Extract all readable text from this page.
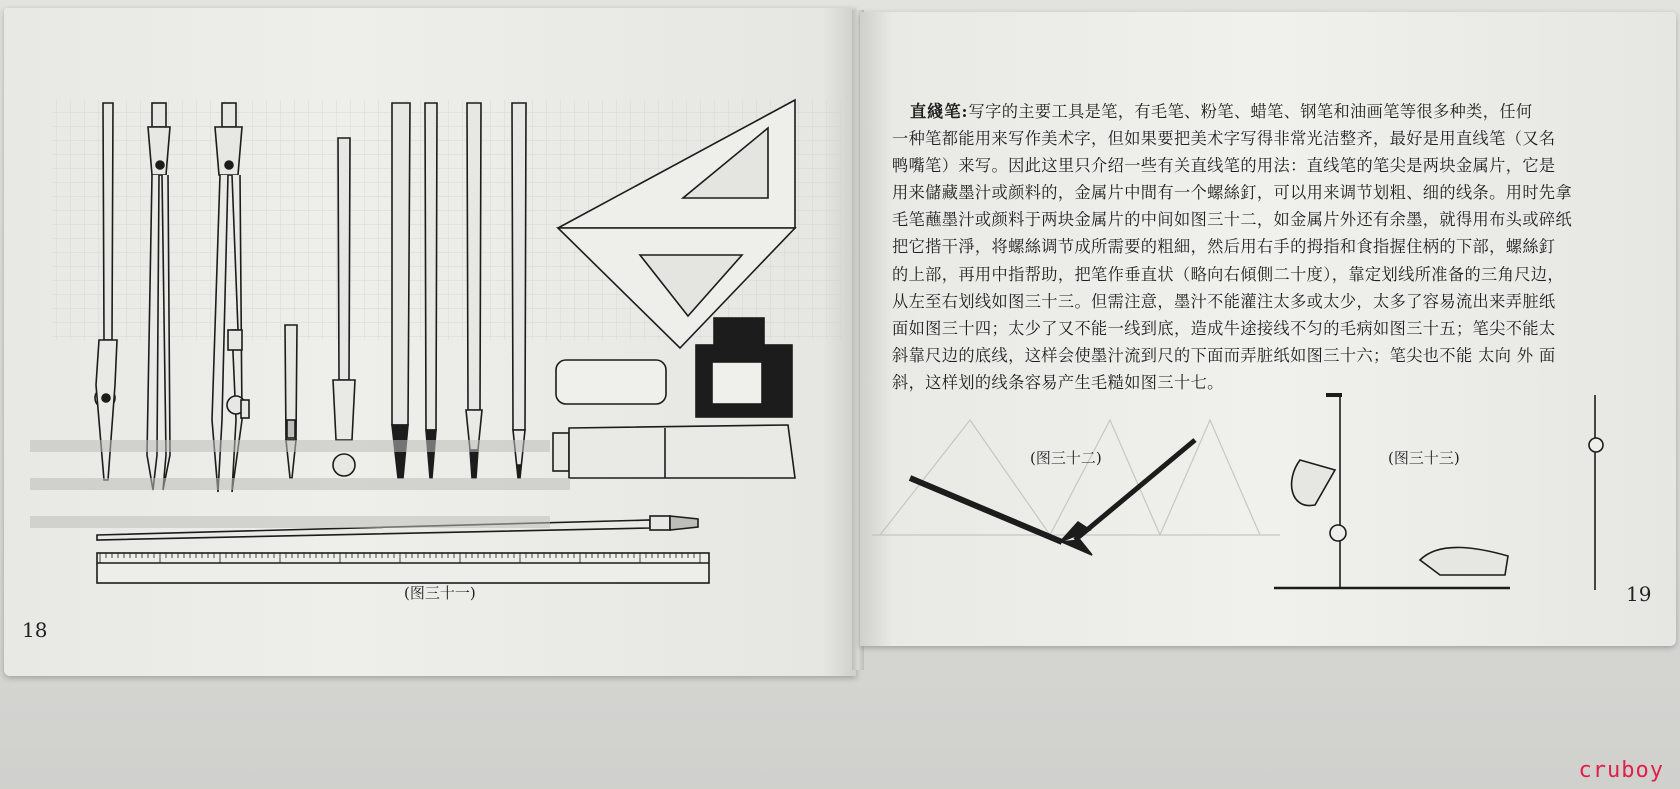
(图三十一)
18
直綫笔:写字的主要工具是笔，有毛笔、粉笔、蜡笔、钢笔和油画笔等很多种类，任何
一种笔都能用来写作美术字，但如果要把美术字写得非常光洁整齐，最好是用直线笔（又名
鸭嘴笔）来写。因此这里只介绍一些有关直线笔的用法：直线笔的笔尖是两块金属片，它是
用来儲藏墨汁或颜料的，金属片中間有一个螺絲釘，可以用来调节划粗、细的线条。用时先拿
毛笔蘸墨汁或颜料于两块金属片的中间如图三十二，如金属片外还有余墨，就得用布头或碎纸
把它揩干淨，将螺絲调节成所需要的粗細，然后用右手的拇指和食指握住柄的下部，螺絲釘
的上部，再用中指帮助，把笔作垂直状（略向右傾側二十度），靠定划线所准备的三角尺边，
从左至右划线如图三十三。但需注意，墨汁不能灌注太多或太少，太多了容易流出来弄脏纸
面如图三十四；太少了又不能一线到底，造成牛途接线不匀的毛病如图三十五；笔尖不能太
斜靠尺边的底线，这样会使墨汁流到尺的下面而弄脏纸如图三十六；笔尖也不能 太向 外 面
斜，这样划的线条容易产生毛糙如图三十七。
(图三十二)	(图三十三)
19
cruboy
